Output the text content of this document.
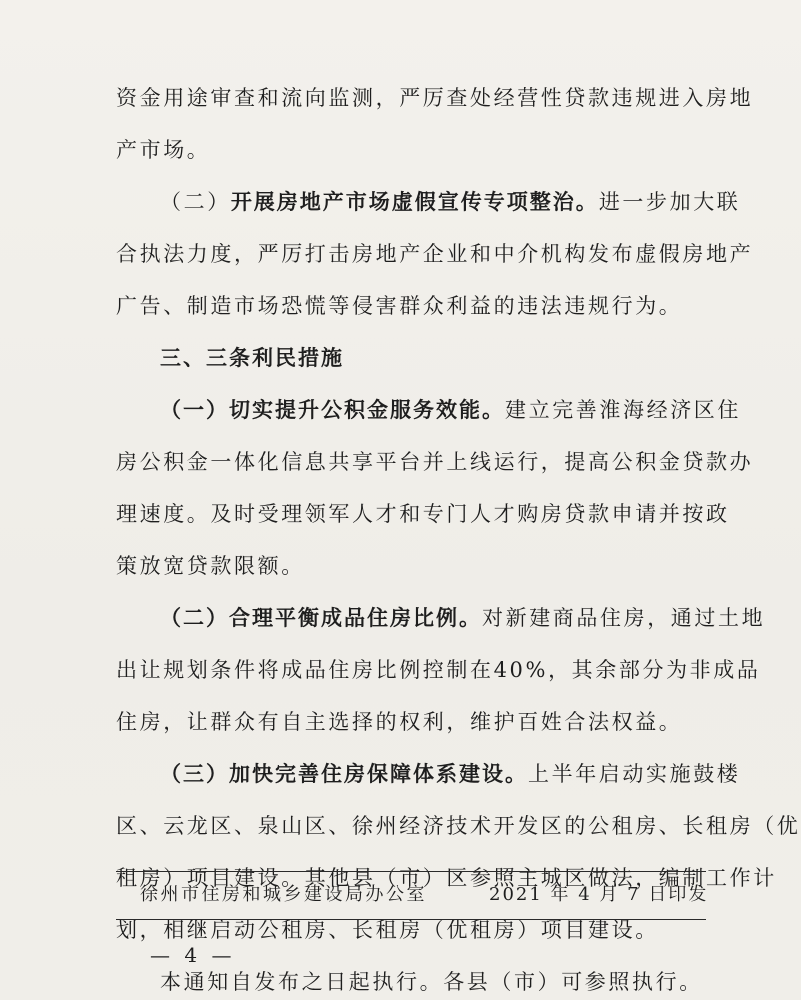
资金用途审查和流向监测，严厉查处经营性贷款违规进入房地
产市场。
（二）开展房地产市场虚假宣传专项整治。进一步加大联
合执法力度，严厉打击房地产企业和中介机构发布虚假房地产
广告、制造市场恐慌等侵害群众利益的违法违规行为。
三、三条利民措施
（一）切实提升公积金服务效能。建立完善淮海经济区住
房公积金一体化信息共享平台并上线运行，提高公积金贷款办
理速度。及时受理领军人才和专门人才购房贷款申请并按政
策放宽贷款限额。
（二）合理平衡成品住房比例。对新建商品住房，通过土地
出让规划条件将成品住房比例控制在40%，其余部分为非成品
住房，让群众有自主选择的权利，维护百姓合法权益。
（三）加快完善住房保障体系建设。上半年启动实施鼓楼
区、云龙区、泉山区、徐州经济技术开发区的公租房、长租房（优
租房）项目建设。其他县（市）区参照主城区做法，编制工作计
划，相继启动公租房、长租房（优租房）项目建设。
本通知自发布之日起执行。各县（市）可参照执行。
徐州市住房和城乡建设局办公室	2021 年 4 月 7 日印发
— 4 —
